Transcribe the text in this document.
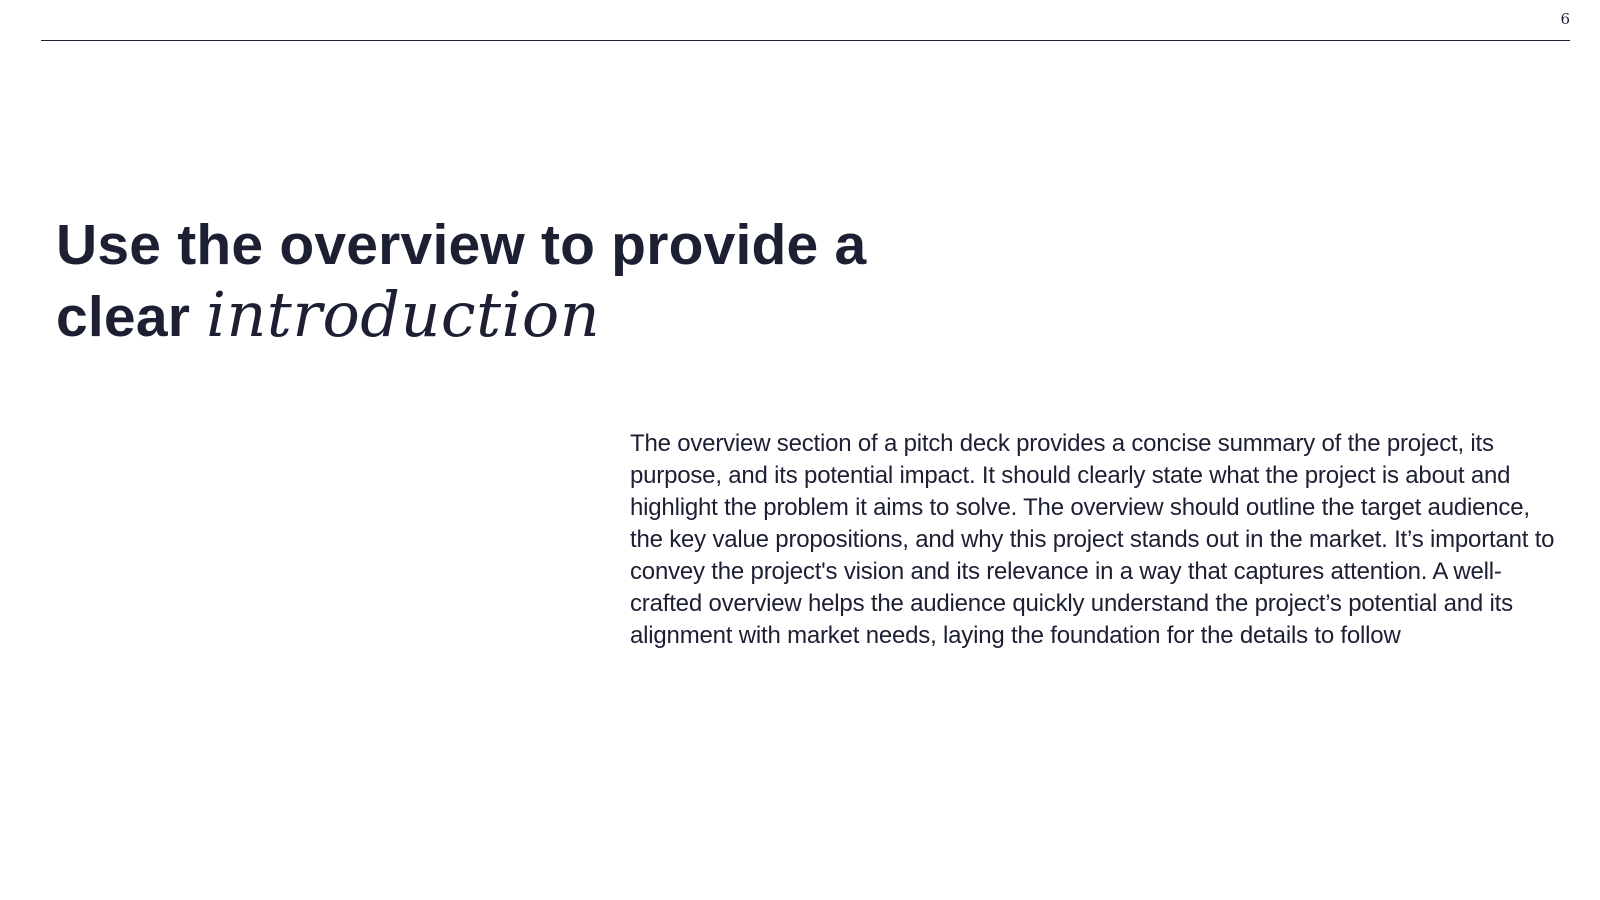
6
Use the overview to provide a
clear introduction

The overview section of a pitch deck provides a concise summary of the project, its purpose, and its potential impact. It should clearly state what the project is about and highlight the problem it aims to solve. The overview should outline the target audience, the key value propositions, and why this project stands out in the market. It’s important to convey the project's vision and its relevance in a way that captures attention. A well-crafted overview helps the audience quickly understand the project’s potential and its alignment with market needs, laying the foundation for the details to follow
